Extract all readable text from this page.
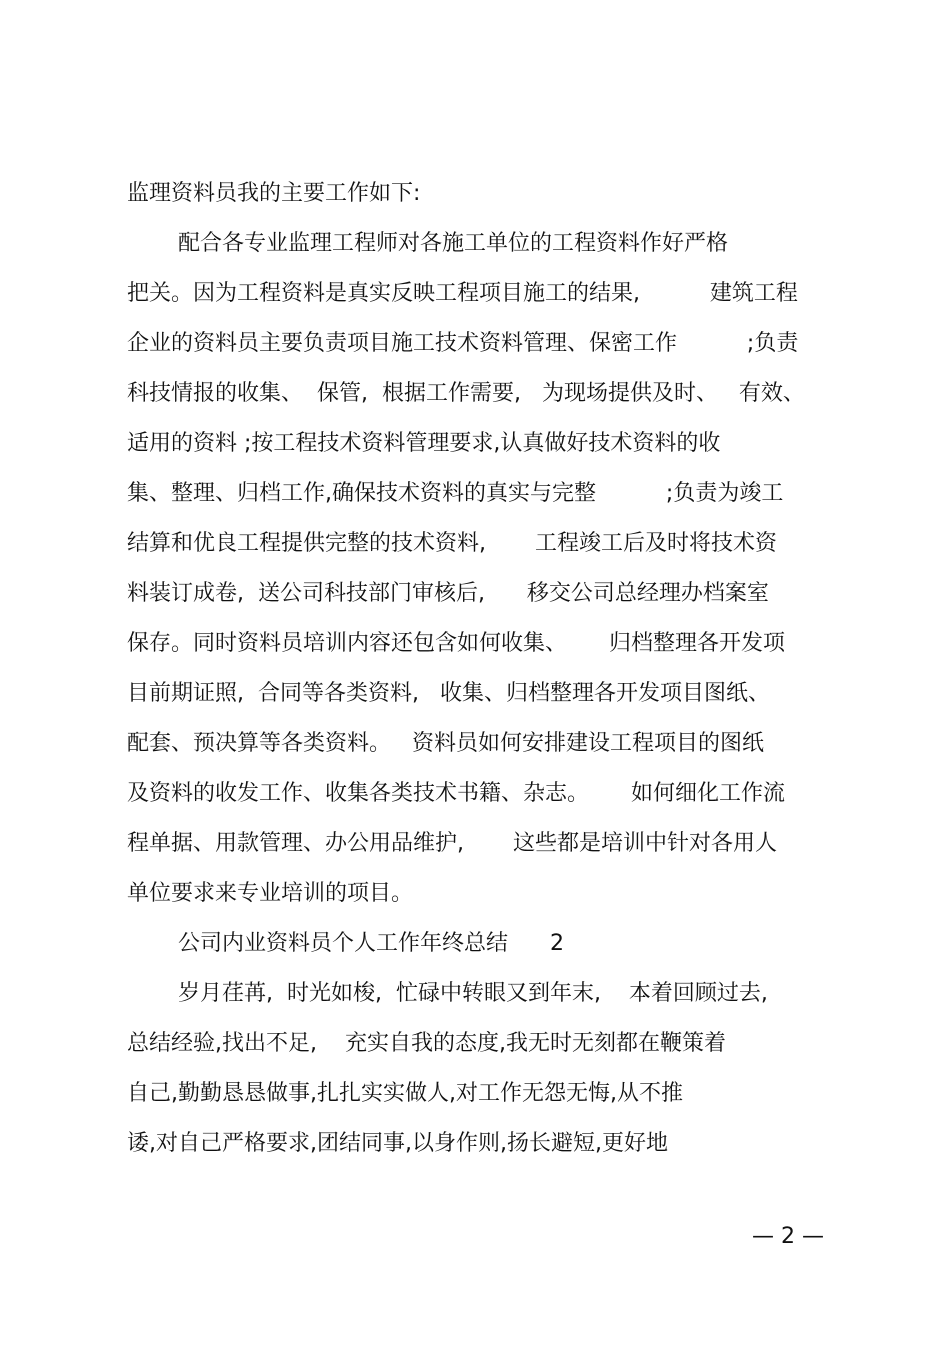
监理资料员我的主要工作如下:
配合各专业监理工程师对各施工单位的工程资料作好严格
把关。因为工程资料是真实反映工程项目施工的结果,          建筑工程
企业的资料员主要负责项目施工技术资料管理、保密工作          ;负责
科技情报的收集、  保管,  根据工作需要,   为现场提供及时、   有效、
适用的资料 ;按工程技术资料管理要求,认真做好技术资料的收
集、整理、归档工作,确保技术资料的真实与完整          ;负责为竣工
结算和优良工程提供完整的技术资料,       工程竣工后及时将技术资
料装订成卷,  送公司科技部门审核后,      移交公司总经理办档案室
保存。同时资料员培训内容还包含如何收集、      归档整理各开发项
目前期证照,  合同等各类资料,   收集、归档整理各开发项目图纸、
配套、预决算等各类资料。   资料员如何安排建设工程项目的图纸
及资料的收发工作、收集各类技术书籍、杂志。      如何细化工作流
程单据、用款管理、办公用品维护,       这些都是培训中针对各用人
单位要求来专业培训的项目。
公司内业资料员个人工作年终总结      2
岁月荏苒,  时光如梭,  忙碌中转眼又到年末,    本着回顾过去,
总结经验,找出不足,    充实自我的态度,我无时无刻都在鞭策着
自己,勤勤恳恳做事,扎扎实实做人,对工作无怨无悔,从不推
诿,对自己严格要求,团结同事,以身作则,扬长避短,更好地
— 2 —
